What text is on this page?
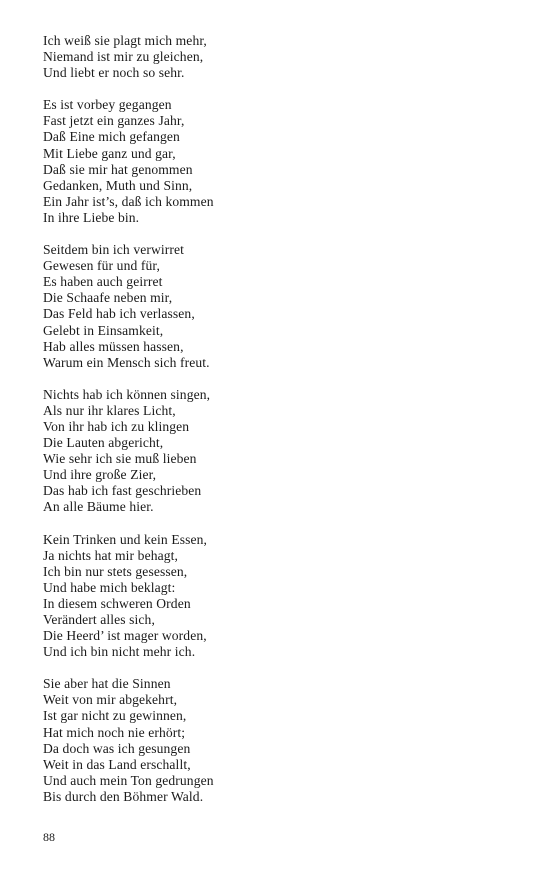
Ich weiß sie plagt mich mehr,
Niemand ist mir zu gleichen,
Und liebt er noch so sehr.
Es ist vorbey gegangen
Fast jetzt ein ganzes Jahr,
Daß Eine mich gefangen
Mit Liebe ganz und gar,
Daß sie mir hat genommen
Gedanken, Muth und Sinn,
Ein Jahr ist’s, daß ich kommen
In ihre Liebe bin.
Seitdem bin ich verwirret
Gewesen für und für,
Es haben auch geirret
Die Schaafe neben mir,
Das Feld hab ich verlassen,
Gelebt in Einsamkeit,
Hab alles müssen hassen,
Warum ein Mensch sich freut.
Nichts hab ich können singen,
Als nur ihr klares Licht,
Von ihr hab ich zu klingen
Die Lauten abgericht,
Wie sehr ich sie muß lieben
Und ihre große Zier,
Das hab ich fast geschrieben
An alle Bäume hier.
Kein Trinken und kein Essen,
Ja nichts hat mir behagt,
Ich bin nur stets gesessen,
Und habe mich beklagt:
In diesem schweren Orden
Verändert alles sich,
Die Heerd’ ist mager worden,
Und ich bin nicht mehr ich.
Sie aber hat die Sinnen
Weit von mir abgekehrt,
Ist gar nicht zu gewinnen,
Hat mich noch nie erhört;
Da doch was ich gesungen
Weit in das Land erschallt,
Und auch mein Ton gedrungen
Bis durch den Böhmer Wald.
88
